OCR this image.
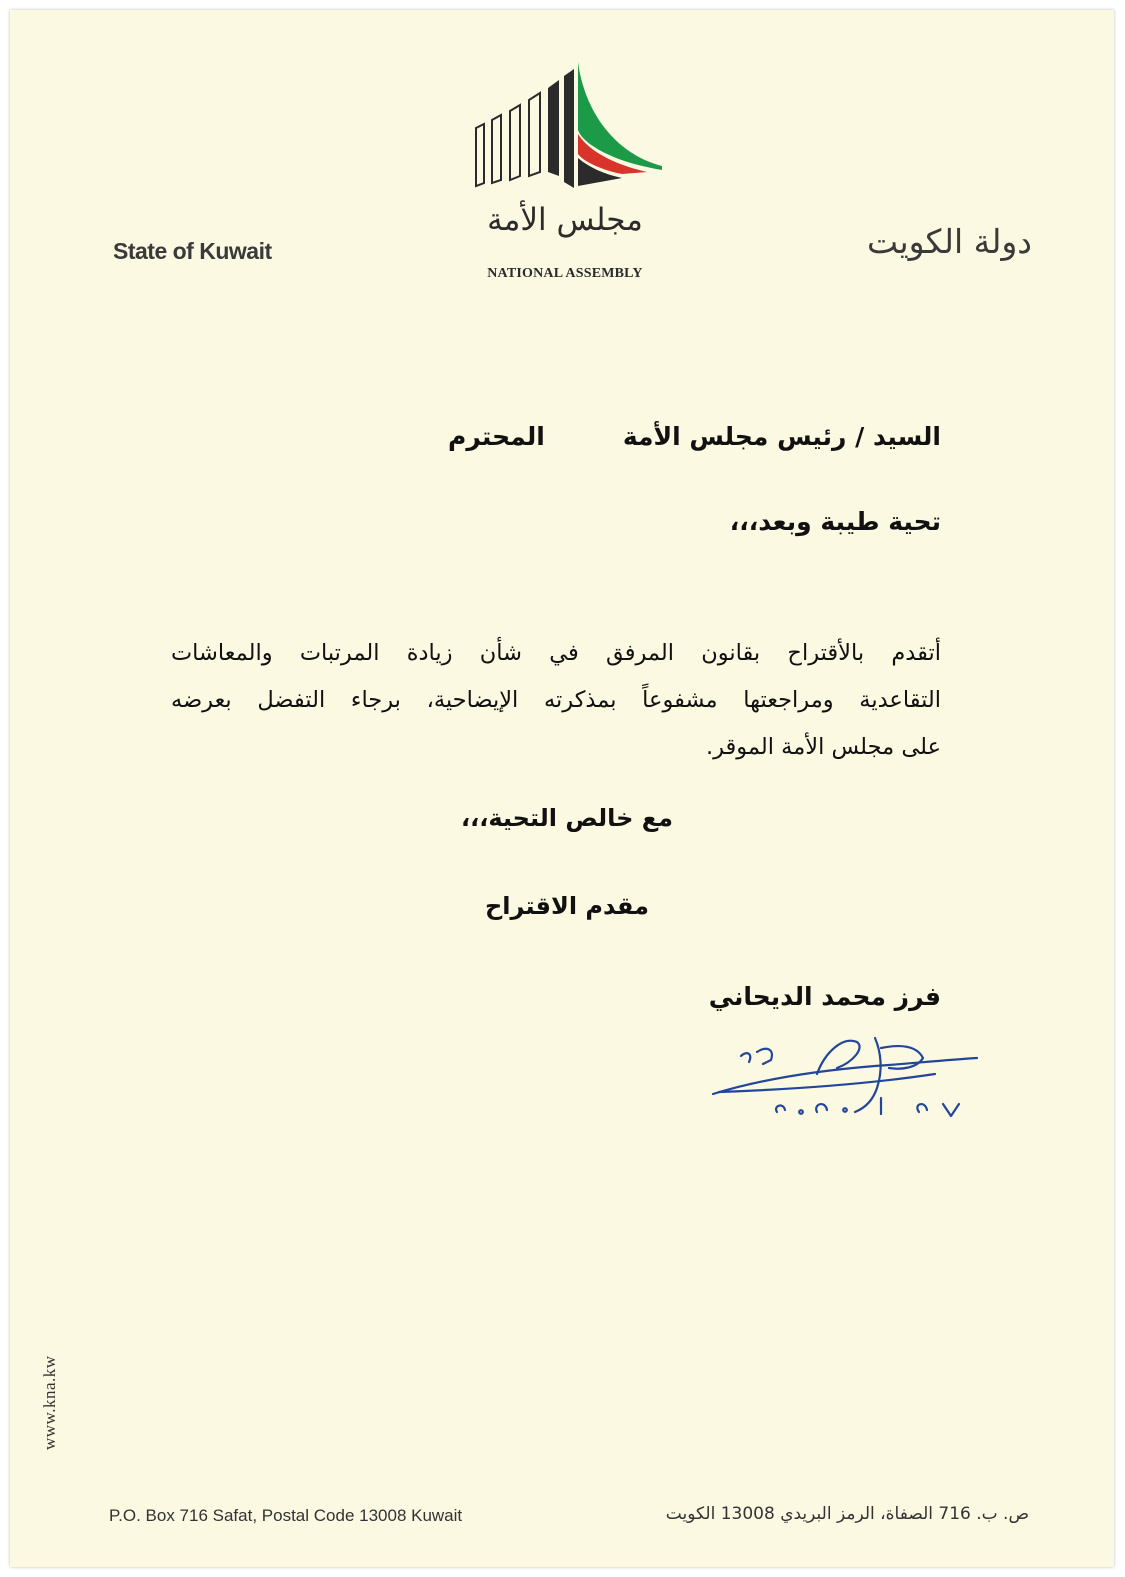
مجلس الأمة
NATIONAL ASSEMBLY
State of Kuwait	دولة الكويت
السيد / رئيس مجلس الأمة
المحترم
تحية طيبة وبعد،،،
أتقدم بالأقتراح بقانون المرفق في شأن زيادة المرتبات والمعاشات
التقاعدية ومراجعتها مشفوعاً بمذكرته الإيضاحية، برجاء التفضل بعرضه
على مجلس الأمة الموقر.
مع خالص التحية،،،
مقدم الاقتراح
فرز محمد الديحاني
www.kna.kw
P.O. Box 716 Safat, Postal Code 13008 Kuwait	ص. ب. 716 الصفاة، الرمز البريدي 13008 الكويت
